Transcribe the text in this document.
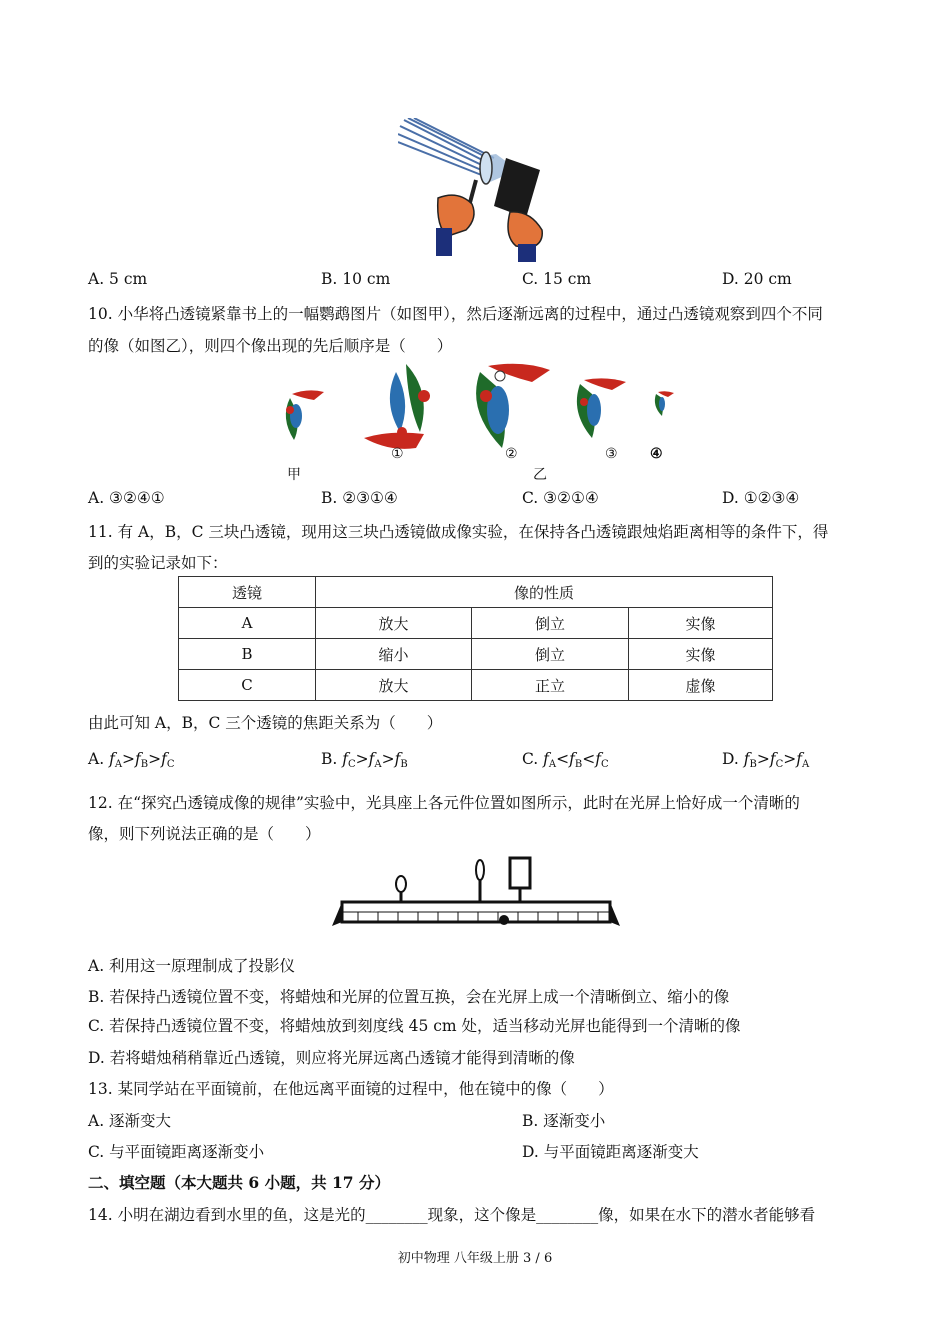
A. 5 cm	B. 10 cm	C. 15 cm	D. 20 cm
10. 小华将凸透镜紧靠书上的一幅鹦鹉图片（如图甲），然后逐渐远离的过程中，通过凸透镜观察到四个不同
的像（如图乙），则四个像出现的先后顺序是（　　）
甲	乙
①	②	③ ④
A. ③②④①	B. ②③①④	C. ③②①④	D. ①②③④
11. 有 A，B，C 三块凸透镜，现用这三块凸透镜做成像实验，在保持各凸透镜跟烛焰距离相等的条件下，得
到的实验记录如下：
透镜	像的性质		
A	放大	倒立	实像
B	缩小	倒立	实像
C	放大	正立	虚像
由此可知 A，B，C 三个透镜的焦距关系为（　　）
A. $f_A>f_B>f_C$	B. $f_C>f_A>f_B$	C. $f_A<f_B<f_C$	D. $f_B>f_C>f_A$
12. 在“探究凸透镜成像的规律”实验中，光具座上各元件位置如图所示，此时在光屏上恰好成一个清晰的
像，则下列说法正确的是（　　）
A. 利用这一原理制成了投影仪
B. 若保持凸透镜位置不变，将蜡烛和光屏的位置互换，会在光屏上成一个清晰倒立、缩小的像
C. 若保持凸透镜位置不变，将蜡烛放到刻度线 45 cm 处，适当移动光屏也能得到一个清晰的像
D. 若将蜡烛稍稍靠近凸透镜，则应将光屏远离凸透镜才能得到清晰的像
13. 某同学站在平面镜前，在他远离平面镜的过程中，他在镜中的像（　　）
A. 逐渐变大	B. 逐渐变小
C. 与平面镜距离逐渐变小	D. 与平面镜距离逐渐变大
二、填空题（本大题共 6 小题，共 17 分）
14. 小明在湖边看到水里的鱼，这是光的________现象，这个像是________像，如果在水下的潜水者能够看
初中物理 八年级上册 3 / 6
